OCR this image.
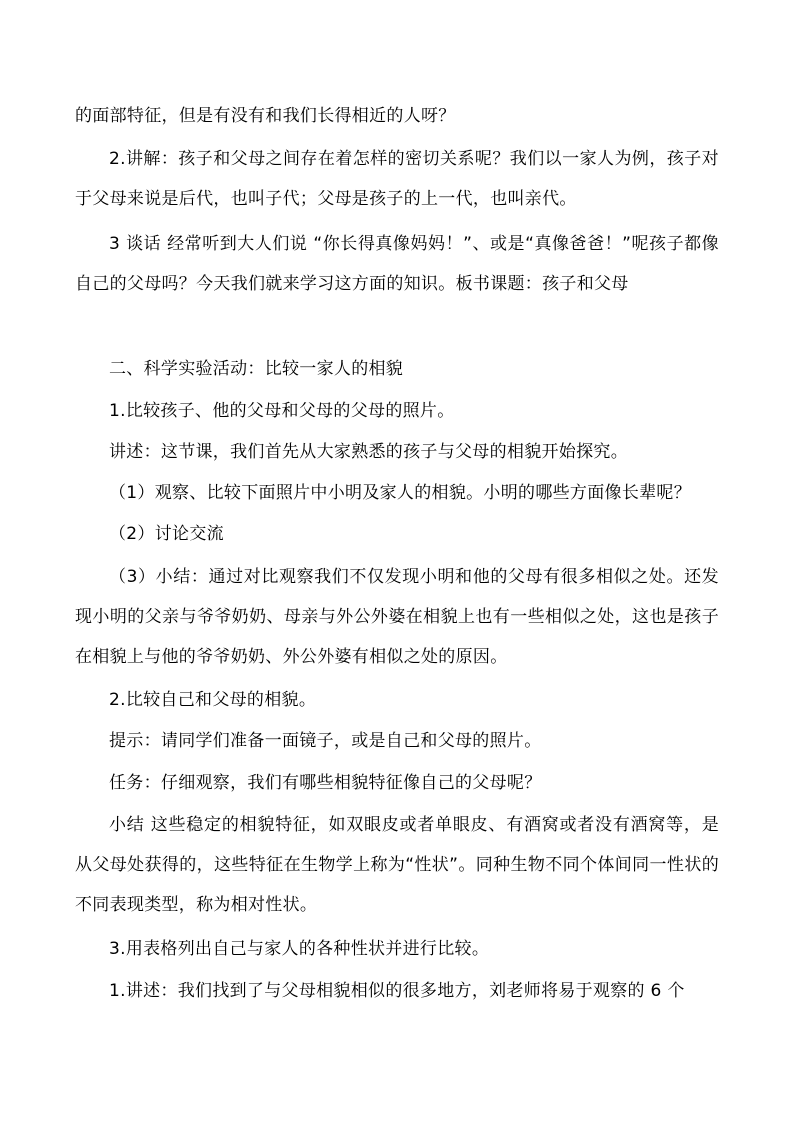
的面部特征，但是有没有和我们长得相近的人呀？

2.讲解：孩子和父母之间存在着怎样的密切关系呢？我们以一家人为例，孩子对于父母来说是后代，也叫子代；父母是孩子的上一代，也叫亲代。

3 谈话 经常听到大人们说 “你长得真像妈妈！”、或是“真像爸爸！”呢孩子都像自己的父母吗？今天我们就来学习这方面的知识。板书课题：孩子和父母

二、科学实验活动：比较一家人的相貌

1.比较孩子、他的父母和父母的父母的照片。

讲述：这节课，我们首先从大家熟悉的孩子与父母的相貌开始探究。

（1）观察、比较下面照片中小明及家人的相貌。小明的哪些方面像长辈呢？

（2）讨论交流

（3）小结：通过对比观察我们不仅发现小明和他的父母有很多相似之处。还发现小明的父亲与爷爷奶奶、母亲与外公外婆在相貌上也有一些相似之处，这也是孩子在相貌上与他的爷爷奶奶、外公外婆有相似之处的原因。

2.比较自己和父母的相貌。

提示：请同学们准备一面镜子，或是自己和父母的照片。

任务：仔细观察，我们有哪些相貌特征像自己的父母呢？

小结 这些稳定的相貌特征，如双眼皮或者单眼皮、有酒窝或者没有酒窝等，是从父母处获得的，这些特征在生物学上称为“性状”。同种生物不同个体间同一性状的不同表现类型，称为相对性状。

3.用表格列出自己与家人的各种性状并进行比较。

1.讲述：我们找到了与父母相貌相似的很多地方，刘老师将易于观察的 6 个
